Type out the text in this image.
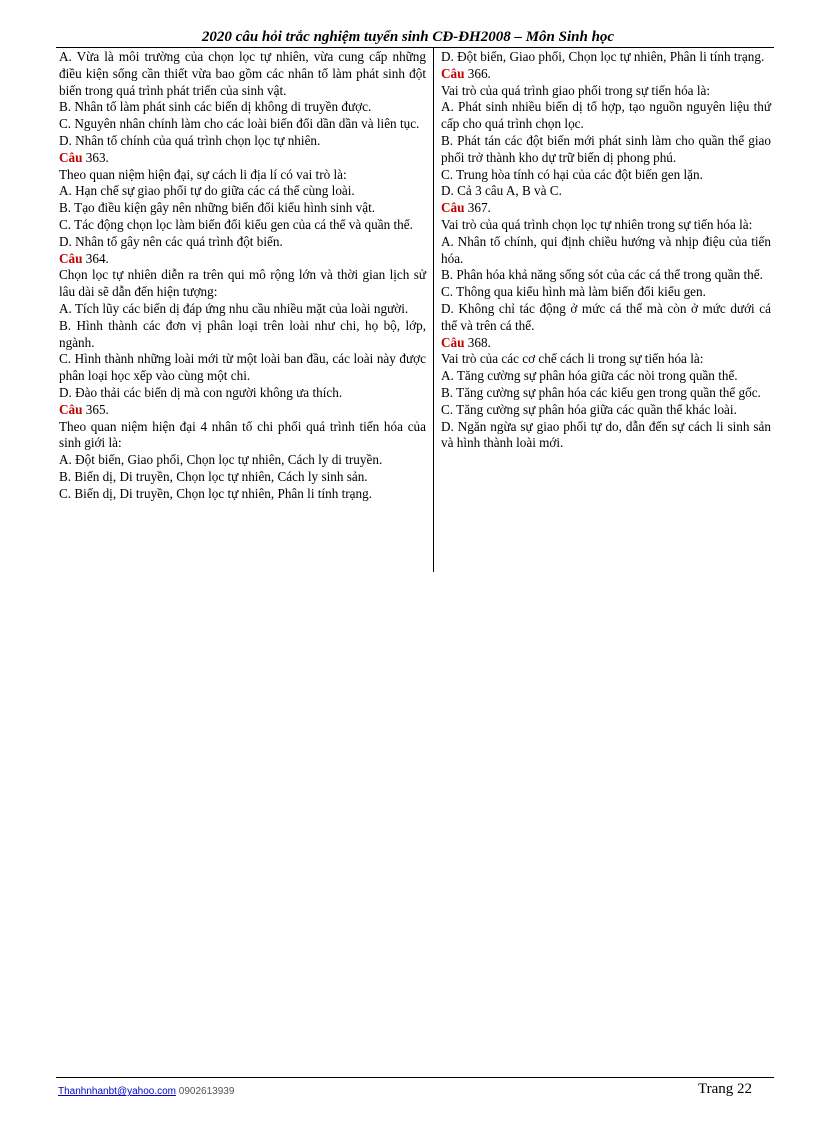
2020 câu hỏi trắc nghiệm tuyển sinh CĐ-ĐH2008 – Môn Sinh học

A. Vừa là môi trường của chọn lọc tự nhiên, vừa cung cấp những điều kiện sống cần thiết vừa bao gồm các nhân tố làm phát sinh đột biến trong quá trình phát triển của sinh vật.

B. Nhân tố làm phát sinh các biến dị không di truyền được.

C. Nguyên nhân chính làm cho các loài biến đổi dần dần và liên tục.

D. Nhân tố chính của quá trình chọn lọc tự nhiên.

Câu 363.

Theo quan niệm hiện đại, sự cách li địa lí có vai trò là:

A. Hạn chế sự giao phối tự do giữa các cá thể cùng loài.

B. Tạo điều kiện gây nên những biến đổi kiểu hình sinh vật.

C. Tác động chọn lọc làm biến đổi kiểu gen của cá thể và quần thể.

D. Nhân tố gây nên các quá trình đột biến.

Câu 364.

Chọn lọc tự nhiên diễn ra trên qui mô rộng lớn và thời gian lịch sử lâu dài sẽ dẫn đến hiện tượng:

A. Tích lũy các biến dị đáp ứng nhu cầu nhiều mặt của loài người.

B. Hình thành các đơn vị phân loại trên loài như chi, họ bộ, lớp, ngành.

C. Hình thành những loài mới từ một loài ban đầu, các loài này được phân loại học xếp vào cùng một chi.

D. Đào thải các biến dị mà con người không ưa thích.

Câu 365.

Theo quan niệm hiện đại 4 nhân tố chi phối quá trình tiến hóa của sinh giới là:

A. Đột biến, Giao phối, Chọn lọc tự nhiên, Cách ly di truyền.

B. Biến dị, Di truyền, Chọn lọc tự nhiên, Cách ly sinh sản.

C. Biến dị, Di truyền, Chọn lọc tự nhiên, Phân li tính trạng.

D. Đột biến, Giao phối, Chọn lọc tự nhiên, Phân li tính trạng.

Câu 366.

Vai trò của quá trình giao phối trong sự tiến hóa là:

A. Phát sinh nhiều biến dị tổ hợp, tạo nguồn nguyên liệu thứ cấp cho quá trình chọn lọc.

B. Phát tán các đột biến mới phát sinh làm cho quần thể giao phối trở thành kho dự trữ biến dị phong phú.

C. Trung hòa tính có hại của các đột biến gen lặn.

D. Cả 3 câu A, B và C.

Câu 367.

Vai trò của quá trình chọn lọc tự nhiên trong sự tiến hóa là:

A. Nhân tố chính, qui định chiều hướng và nhịp điệu của tiến hóa.

B. Phân hóa khả năng sống sót của các cá thể trong quần thể.

C. Thông qua kiểu hình mà làm biến đổi kiểu gen.

D. Không chỉ tác động ở mức cá thể mà còn ở mức dưới cá thể và trên cá thể.

Câu 368.

Vai trò của các cơ chế cách li trong sự tiến hóa là:

A. Tăng cường sự phân hóa giữa các nòi trong quần thể.

B. Tăng cường sự phân hóa các kiểu gen trong quần thể gốc.

C. Tăng cường sự phân hóa giữa các quần thể khác loài.

D. Ngăn ngừa sự giao phối tự do, dẫn đến sự cách li sinh sản và hình thành loài mới.

Thanhnhanbt@yahoo.com 0902613939	Trang 22
